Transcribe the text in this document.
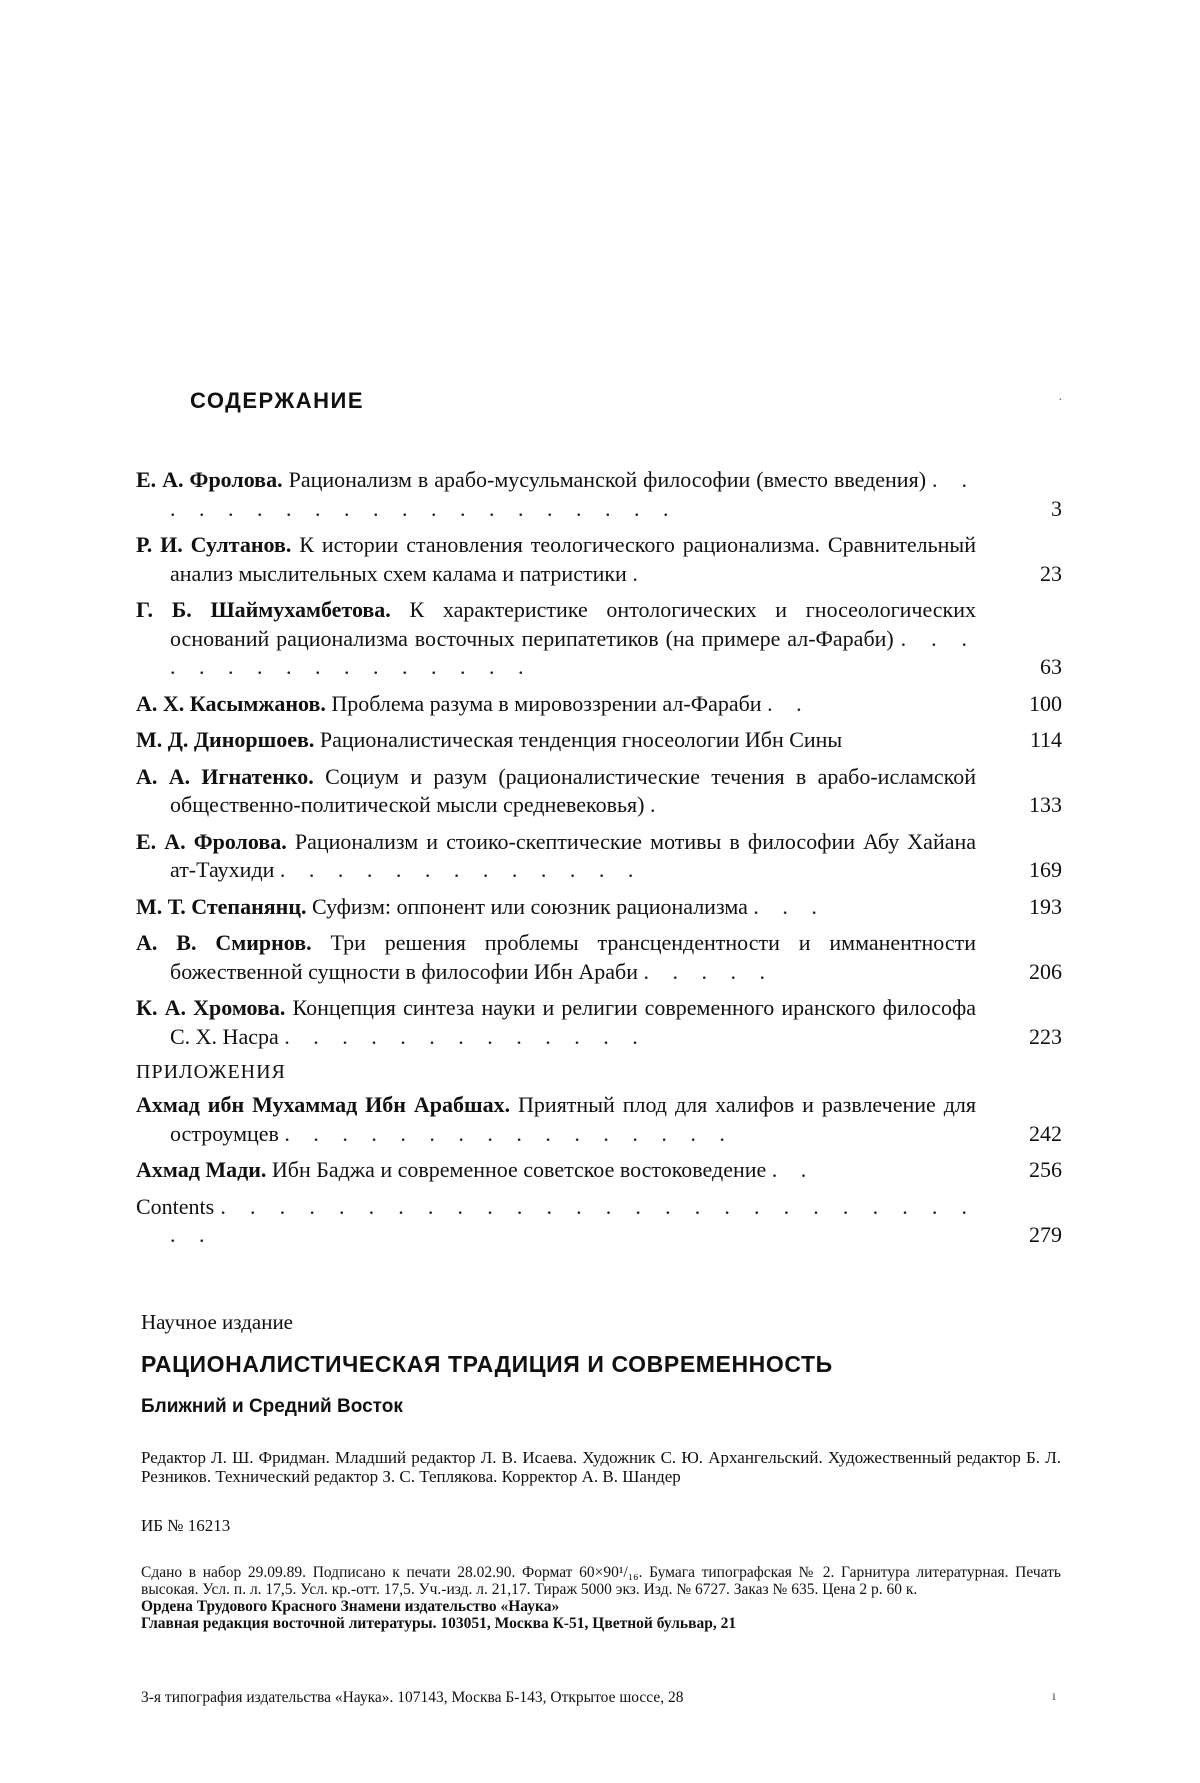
СОДЕРЖАНИЕ	·
Е. А. Фролова. Рационализм в арабо-мусульманской философии (вместо введения) . . . . . . . . . . . . . . . . . . . .	3
Р. И. Султанов. К истории становления теологического рационализма. Сравнительный анализ мыслительных схем калама и патристики .	23
Г. Б. Шаймухамбетова. К характеристике онтологических и гносеологических оснований рационализма восточных перипатетиков (на примере ал-Фараби) . . . . . . . . . . . . . . . .	63
А. Х. Касымжанов. Проблема разума в мировоззрении ал-Фараби . .	100
М. Д. Диноршоев. Рационалистическая тенденция гносеологии Ибн Сины	114
А. А. Игнатенко. Социум и разум (рационалистические течения в арабо-исламской общественно-политической мысли средневековья) .	133
Е. А. Фролова. Рационализм и стоико-скептические мотивы в философии Абу Хайана ат-Таухиди . . . . . . . . . . . . .	169
М. Т. Степанянц. Суфизм: оппонент или союзник рационализма . . .	193
А. В. Смирнов. Три решения проблемы трансцендентности и имманентности божественной сущности в философии Ибн Араби . . . . .	206
К. А. Хромова. Концепция синтеза науки и религии современного иранского философа С. Х. Насра . . . . . . . . . . . . .	223
ПРИЛОЖЕНИЯ
Ахмад ибн Мухаммад Ибн Арабшах. Приятный плод для халифов и развлечение для остроумцев . . . . . . . . . . . . . . . .	242
Ахмад Мади. Ибн Баджа и современное советское востоковедение . .	256
Contents . . . . . . . . . . . . . . . . . . . . . . . . . . . .	279
Научное издание
РАЦИОНАЛИСТИЧЕСКАЯ ТРАДИЦИЯ И СОВРЕМЕННОСТЬ
Ближний и Средний Восток
Редактор Л. Ш. Фридман. Младший редактор Л. В. Исаева. Художник С. Ю. Архангельский. Художественный редактор Б. Л. Резников. Технический редактор З. С. Теплякова. Корректор А. В. Шандер
ИБ № 16213
Сдано в набор 29.09.89. Подписано к печати 28.02.90. Формат 60×90¹/₁₆. Бумага типографская № 2. Гарнитура литературная. Печать высокая. Усл. п. л. 17,5. Усл. кр.-отт. 17,5. Уч.-изд. л. 21,17. Тираж 5000 экз. Изд. № 6727. Заказ № 635. Цена 2 р. 60 к.
Ордена Трудового Красного Знамени издательство «Наука»
Главная редакция восточной литературы. 103051, Москва К-51, Цветной бульвар, 21
3-я типография издательства «Наука». 107143, Москва Б-143, Открытое шоссе, 28	ı
